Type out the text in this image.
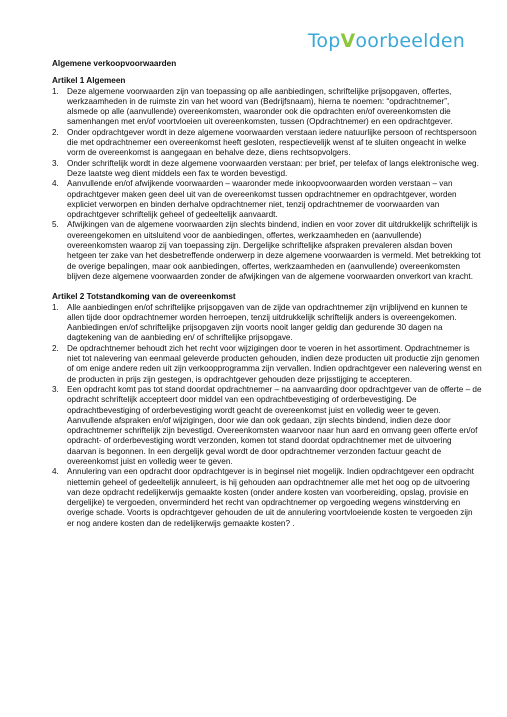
TopVoorbeelden
Algemene verkoopvoorwaarden
Artikel 1 Algemeen
1. Deze algemene voorwaarden zijn van toepassing op alle aanbiedingen, schriftelijke prijsopgaven, offertes, werkzaamheden in de ruimste zin van het woord van (Bedrijfsnaam), hierna te noemen: “opdrachtnemer”, alsmede op alle (aanvullende) overeenkomsten, waaronder ook die opdrachten en/of overeenkomsten die samenhangen met en/of voortvloeien uit overeenkomsten, tussen (Opdrachtnemer) en een opdrachtgever.
2. Onder opdrachtgever wordt in deze algemene voorwaarden verstaan iedere natuurlijke persoon of rechtspersoon die met opdrachtnemer een overeenkomst heeft gesloten, respectievelijk wenst af te sluiten ongeacht in welke vorm de overeenkomst is aangegaan en behalve deze, diens rechtsopvolgers.
3. Onder schriftelijk wordt in deze algemene voorwaarden verstaan: per brief, per telefax of langs elektronische weg. Deze laatste weg dient middels een fax te worden bevestigd.
4. Aanvullende en/of afwijkende voorwaarden – waaronder mede inkoopvoorwaarden worden verstaan – van opdrachtgever maken geen deel uit van de overeenkomst tussen opdrachtnemer en opdrachtgever, worden expliciet verworpen en binden derhalve opdrachtnemer niet, tenzij opdrachtnemer de voorwaarden van opdrachtgever schriftelijk geheel of gedeeltelijk aanvaardt.
5. Afwijkingen van de algemene voorwaarden zijn slechts bindend, indien en voor zover dit uitdrukkelijk schriftelijk is overeengekomen en uitsluitend voor de aanbiedingen, offertes, werkzaamheden en (aanvullende) overeenkomsten waarop zij van toepassing zijn. Dergelijke schriftelijke afspraken prevaleren alsdan boven hetgeen ter zake van het desbetreffende onderwerp in deze algemene voorwaarden is vermeld. Met betrekking tot de overige bepalingen, maar ook aanbiedingen, offertes, werkzaamheden en (aanvullende) overeenkomsten blijven deze algemene voorwaarden zonder de afwijkingen van de algemene voorwaarden onverkort van kracht.
Artikel 2 Totstandkoming van de overeenkomst
1. Alle aanbiedingen en/of schriftelijke prijsopgaven van de zijde van opdrachtnemer zijn vrijblijvend en kunnen te allen tijde door opdrachtnemer worden herroepen, tenzij uitdrukkelijk schriftelijk anders is overeengekomen. Aanbiedingen en/of schriftelijke prijsopgaven zijn voorts nooit langer geldig dan gedurende 30 dagen na dagtekening van de aanbieding en/ of schriftelijke prijsopgave.
2. De opdrachtnemer behoudt zich het recht voor wijzigingen door te voeren in het assortiment. Opdrachtnemer is niet tot nalevering van eenmaal geleverde producten gehouden, indien deze producten uit productie zijn genomen of om enige andere reden uit zijn verkoopprogramma zijn vervallen. Indien opdrachtgever een nalevering wenst en de producten in prijs zijn gestegen, is opdrachtgever gehouden deze prijsstijging te accepteren.
3. Een opdracht komt pas tot stand doordat opdrachtnemer – na aanvaarding door opdrachtgever van de offerte – de opdracht schriftelijk accepteert door middel van een opdrachtbevestiging of orderbevestiging. De opdrachtbevestiging of orderbevestiging wordt geacht de overeenkomst juist en volledig weer te geven. Aanvullende afspraken en/of wijzigingen, door wie dan ook gedaan, zijn slechts bindend, indien deze door opdrachtnemer schriftelijk zijn bevestigd. Overeenkomsten waarvoor naar hun aard en omvang geen offerte en/of opdracht- of orderbevestiging wordt verzonden, komen tot stand doordat opdrachtnemer met de uitvoering daarvan is begonnen. In een dergelijk geval wordt de door opdrachtnemer verzonden factuur geacht de overeenkomst juist en volledig weer te geven.
4. Annulering van een opdracht door opdrachtgever is in beginsel niet mogelijk. Indien opdrachtgever een opdracht niettemin geheel of gedeeltelijk annuleert, is hij gehouden aan opdrachtnemer alle met het oog op de uitvoering van deze opdracht redelijkerwijs gemaakte kosten (onder andere kosten van voorbereiding, opslag, provisie en dergelijke) te vergoeden, onverminderd het recht van opdrachtnemer op vergoeding wegens winstderving en overige schade. Voorts is opdrachtgever gehouden de uit de annulering voortvloeiende kosten te vergoeden zijn er nog andere kosten dan de redelijkerwijs gemaakte kosten? .
